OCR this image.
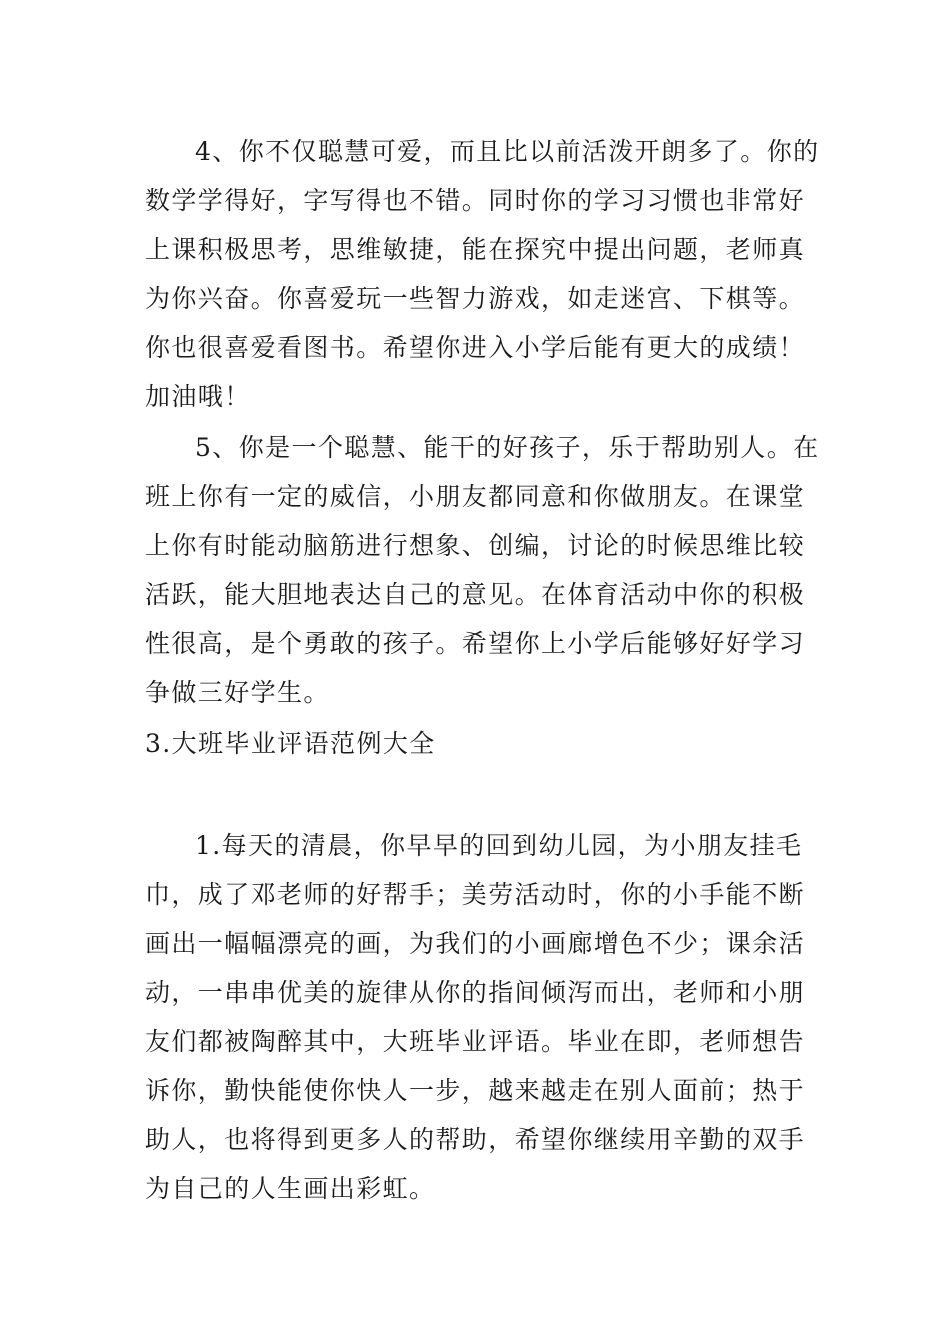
4、你不仅聪慧可爱，而且比以前活泼开朗多了。你的
数学学得好，字写得也不错。同时你的学习习惯也非常好
上课积极思考，思维敏捷，能在探究中提出问题，老师真
为你兴奋。你喜爱玩一些智力游戏，如走迷宫、下棋等。
你也很喜爱看图书。希望你进入小学后能有更大的成绩！
加油哦！
5、你是一个聪慧、能干的好孩子，乐于帮助别人。在
班上你有一定的威信，小朋友都同意和你做朋友。在课堂
上你有时能动脑筋进行想象、创编，讨论的时候思维比较
活跃，能大胆地表达自己的意见。在体育活动中你的积极
性很高，是个勇敢的孩子。希望你上小学后能够好好学习
争做三好学生。
3.大班毕业评语范例大全
1.每天的清晨，你早早的回到幼儿园，为小朋友挂毛
巾，成了邓老师的好帮手；美劳活动时，你的小手能不断
画出一幅幅漂亮的画，为我们的小画廊增色不少；课余活
动，一串串优美的旋律从你的指间倾泻而出，老师和小朋
友们都被陶醉其中，大班毕业评语。毕业在即，老师想告
诉你，勤快能使你快人一步，越来越走在别人面前；热于
助人，也将得到更多人的帮助，希望你继续用辛勤的双手
为自己的人生画出彩虹。
